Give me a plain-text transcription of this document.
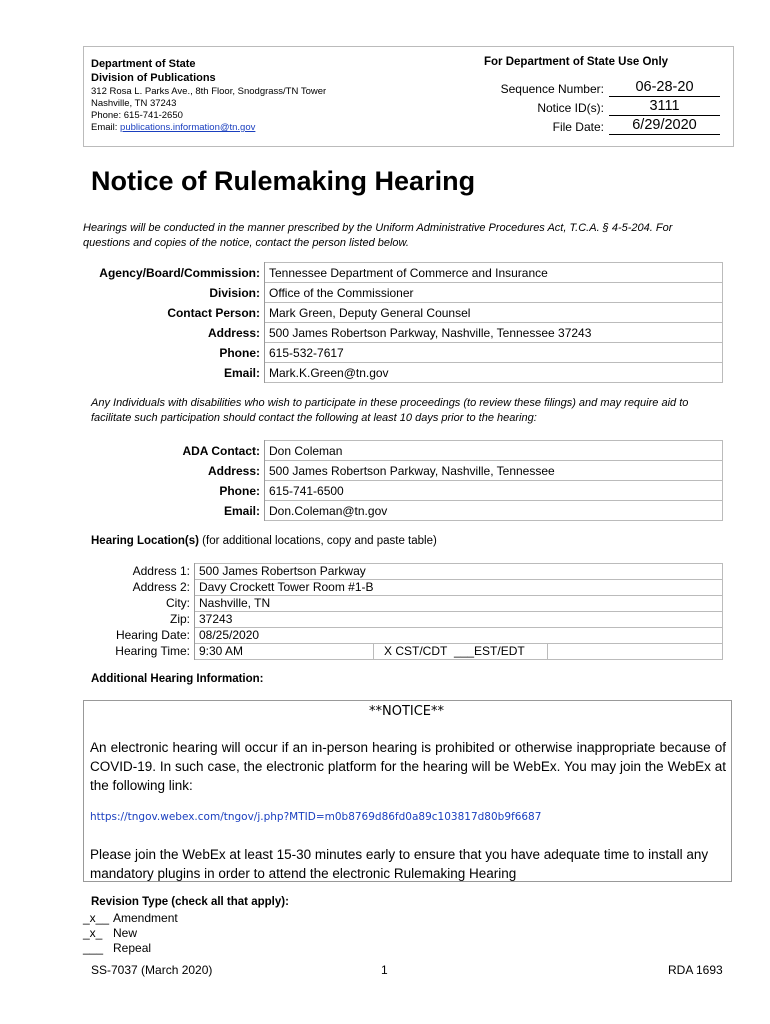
Department of State
Division of Publications
312 Rosa L. Parks Ave., 8th Floor, Snodgrass/TN Tower
Nashville, TN 37243
Phone: 615-741-2650
Email: publications.information@tn.gov
For Department of State Use Only
Sequence Number:	06-28-20
Notice ID(s):	3111
File Date:	6/29/2020
Notice of Rulemaking Hearing
Hearings will be conducted in the manner prescribed by the Uniform Administrative Procedures Act, T.C.A. § 4-5-204. For questions and copies of the notice, contact the person listed below.
Agency/Board/Commission:	Tennessee Department of Commerce and Insurance
Division:	Office of the Commissioner
Contact Person:	Mark Green, Deputy General Counsel
Address:	500 James Robertson Parkway, Nashville, Tennessee 37243
Phone:	615-532-7617
Email:	Mark.K.Green@tn.gov
Any Individuals with disabilities who wish to participate in these proceedings (to review these filings) and may require aid to facilitate such participation should contact the following at least 10 days prior to the hearing:
ADA Contact:	Don Coleman
Address:	500 James Robertson Parkway, Nashville, Tennessee
Phone:	615-741-6500
Email:	Don.Coleman@tn.gov
Hearing Location(s) (for additional locations, copy and paste table)
Address 1:	500 James Robertson Parkway		
Address 2:	Davy Crockett Tower Room #1-B		
City:	Nashville, TN		
Zip:	37243		
Hearing Date:	08/25/2020		
Hearing Time:	9:30 AM	X CST/CDT ___EST/EDT	
Additional Hearing Information:
**NOTICE**
An electronic hearing will occur if an in-person hearing is prohibited or otherwise inappropriate because of COVID-19. In such case, the electronic platform for the hearing will be WebEx. You may join the WebEx at the following link:
https://tngov.webex.com/tngov/j.php?MTID=m0b8769d86fd0a89c103817d80b9f6687
Please join the WebEx at least 15-30 minutes early to ensure that you have adequate time to install any mandatory plugins in order to attend the electronic Rulemaking Hearing
Revision Type (check all that apply):
_x__ Amendment
_x_ New
___ Repeal
SS-7037 (March 2020)	1	RDA 1693
